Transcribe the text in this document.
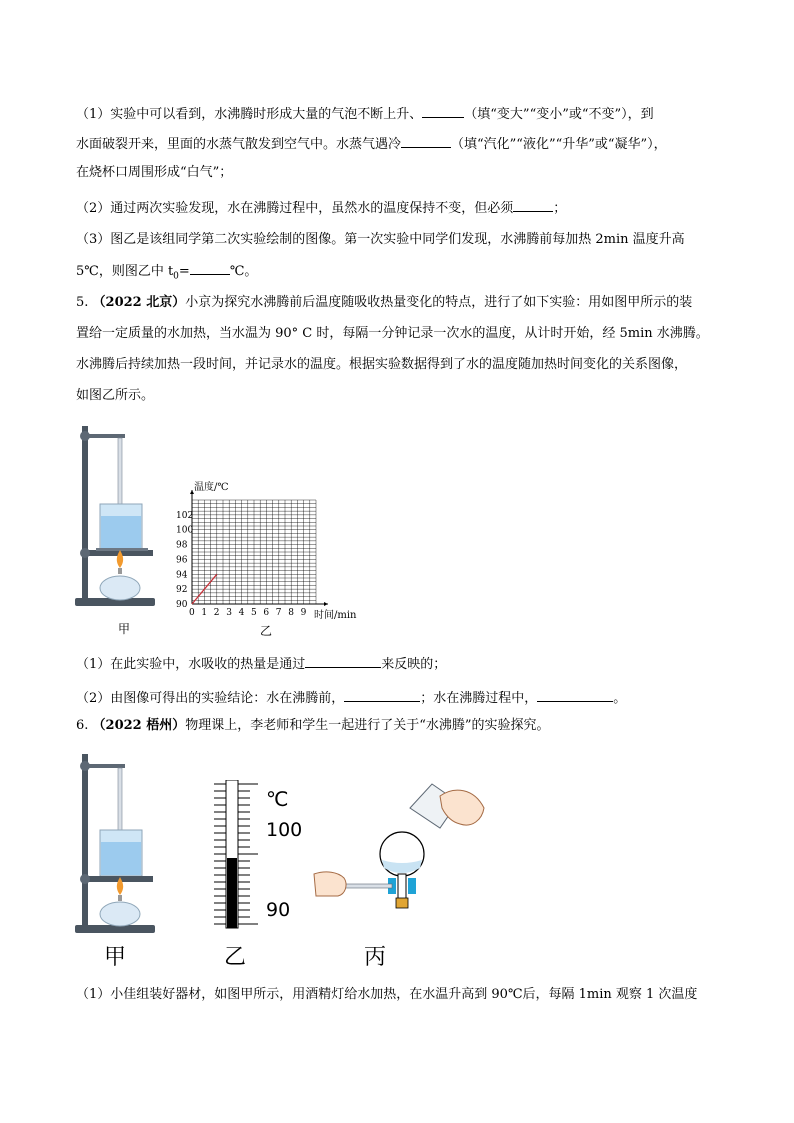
（1）实验中可以看到，水沸腾时形成大量的气泡不断上升、	（填“变大”“变小”或“不变”），到
水面破裂开来，里面的水蒸气散发到空气中。水蒸气遇冷	（填“汽化”“液化”“升华”或“凝华”），
在烧杯口周围形成“白气”；
（2）通过两次实验发现，水在沸腾过程中，虽然水的温度保持不变，但必须	；
（3）图乙是该组同学第二次实验绘制的图像。第一次实验中同学们发现，水沸腾前每加热 2min 温度升高
5℃，则图乙中 $t_0=$	℃。
5. （2022 北京）小京为探究水沸腾前后温度随吸收热量变化的特点，进行了如下实验：用如图甲所示的装
置给一定质量的水加热，当水温为 90° C 时，每隔一分钟记录一次水的温度，从计时开始，经 5min 水沸腾。
水沸腾后持续加热一段时间，并记录水的温度。根据实验数据得到了水的温度随加热时间变化的关系图像，
如图乙所示。
甲
0 1 2 3 4 5 6 7 8 9
90
92
94
96
98
100
102
温度/℃
时间/min
乙
（1）在此实验中，水吸收的热量是通过	来反映的；
（2）由图像可得出的实验结论：水在沸腾前，	；水在沸腾过程中，	。
6. （2022 梧州）物理课上，李老师和学生一起进行了关于“水沸腾”的实验探究。
甲
℃
100
90
乙	丙
（1）小佳组装好器材，如图甲所示，用酒精灯给水加热，在水温升高到 90℃后，每隔 1min 观察 1 次温度
